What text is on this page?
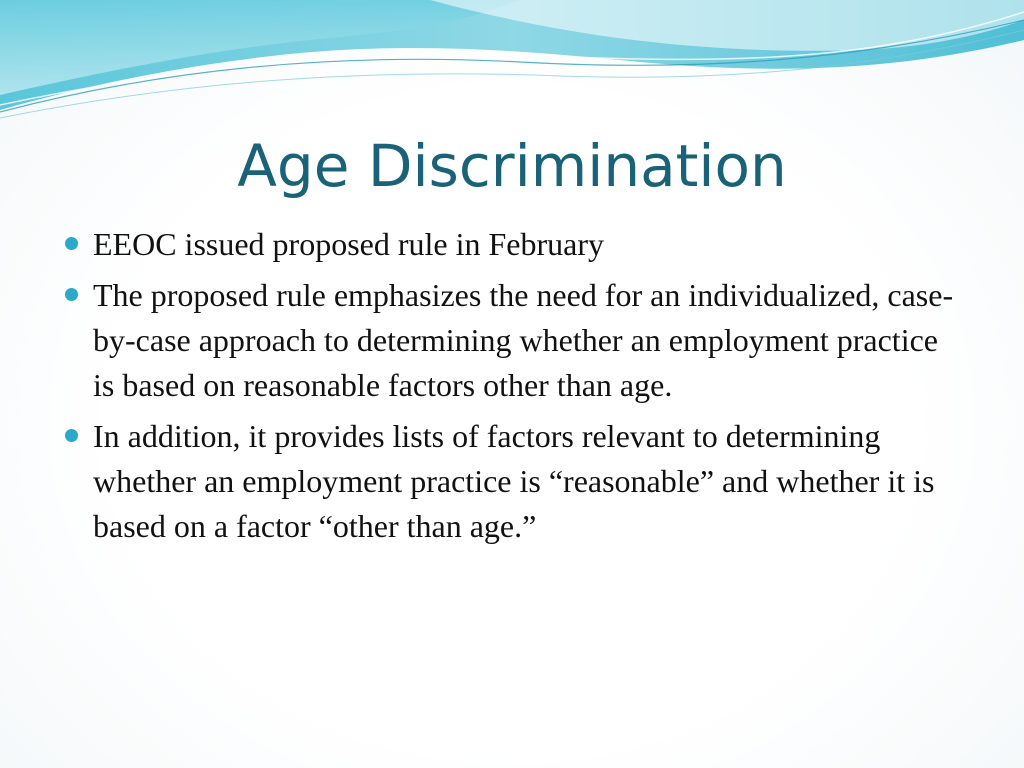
Age Discrimination
EEOC issued proposed rule in February
The proposed rule emphasizes the need for an individualized, case-by-case approach to determining whether an employment practice is based on reasonable factors other than age.
In addition, it provides lists of factors relevant to determining whether an employment practice is “reasonable” and whether it is based on a factor “other than age.”
